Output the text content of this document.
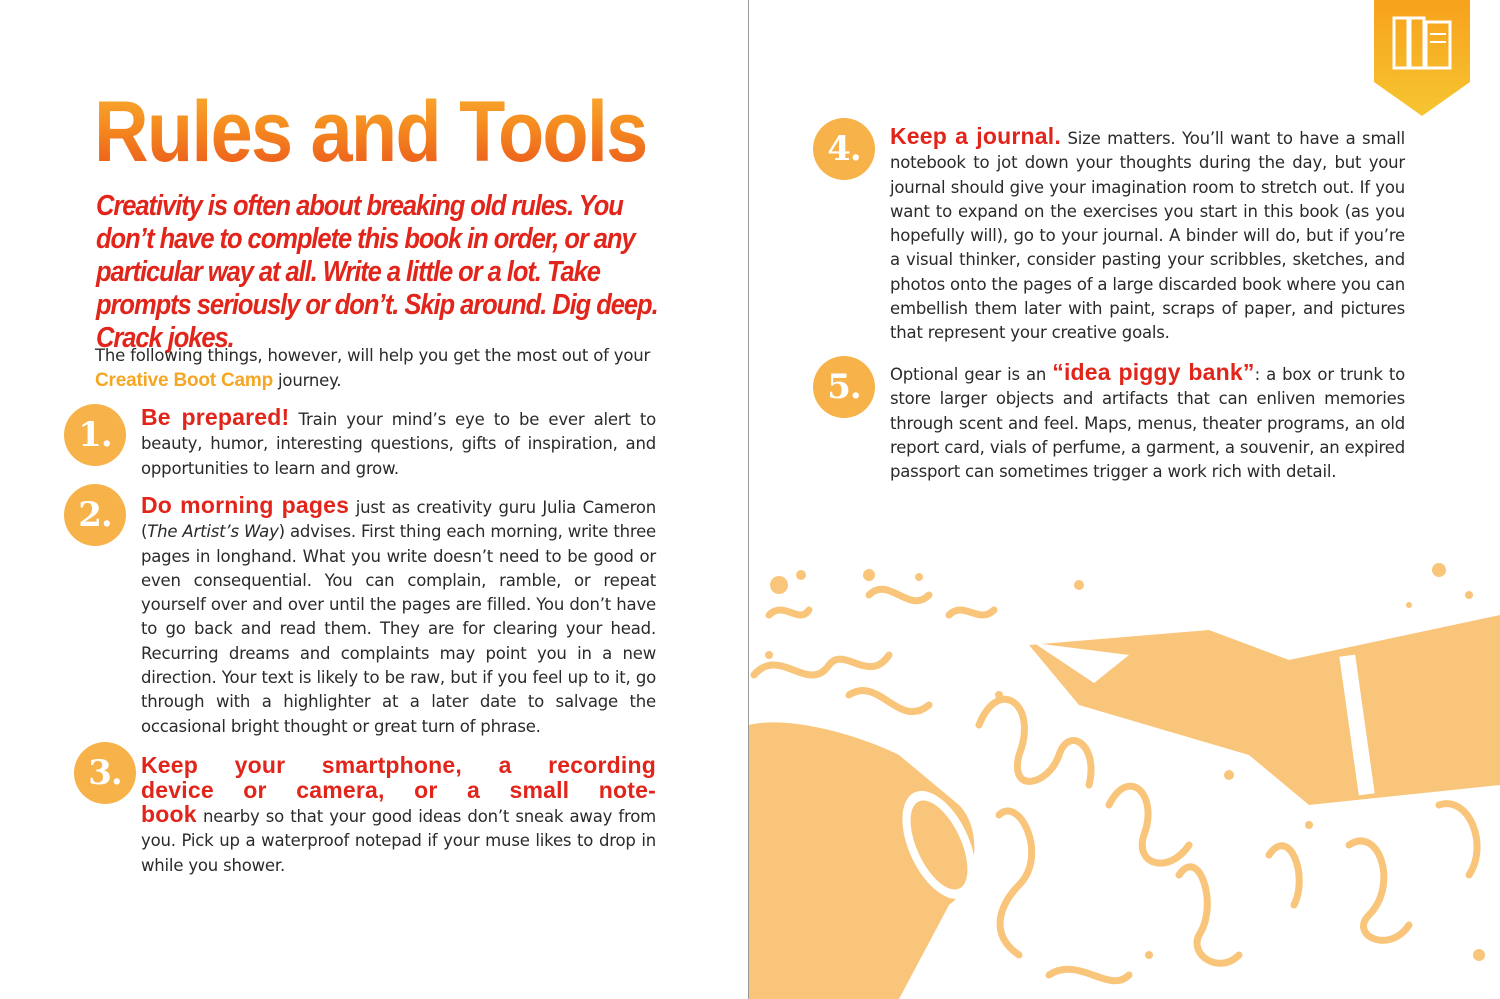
Rules and Tools

Creativity is often about breaking old rules. You don’t have to complete this book in order, or any particular way at all. Write a little or a lot. Take prompts seriously or don’t. Skip around. Dig deep. Crack jokes.

The following things, however, will help you get the most out of your
Creative Boot Camp journey.

1.	Be prepared! Train your mind’s eye to be ever alert to beauty, humor, interesting questions, gifts of inspiration, and opportunities to learn and grow.

2.	Do morning pages just as creativity guru Julia Cameron (The Artist’s Way) advises. First thing each morning, write three pages in longhand. What you write doesn’t need to be good or even consequential. You can complain, ramble, or repeat yourself over and over until the pages are filled. You don’t have to go back and read them. They are for clearing your head. Recurring dreams and complaints may point you in a new direction. Your text is likely to be raw, but if you feel up to it, go through with a highlighter at a later date to salvage the occasional bright thought or great turn of phrase.

3. Keep your smartphone, a recording
device or camera, or a small note-
book nearby so that your good ideas don’t sneak away from you. Pick up a waterproof notepad if your muse likes to drop in while you shower.

4.	Keep a journal. Size matters. You’ll want to have a small notebook to jot down your thoughts during the day, but your journal should give your imagination room to stretch out. If you want to expand on the exercises you start in this book (as you hopefully will), go to your journal. A binder will do, but if you’re a visual thinker, consider pasting your scribbles, sketches, and photos onto the pages of a large discarded book where you can embellish them later with paint, scraps of paper, and pictures that represent your creative goals.

5.	Optional gear is an “idea piggy bank”: a box or trunk to store larger objects and artifacts that can enliven memories through scent and feel. Maps, menus, theater programs, an old report card, vials of perfume, a garment, a souvenir, an expired passport can sometimes trigger a work rich with detail.
